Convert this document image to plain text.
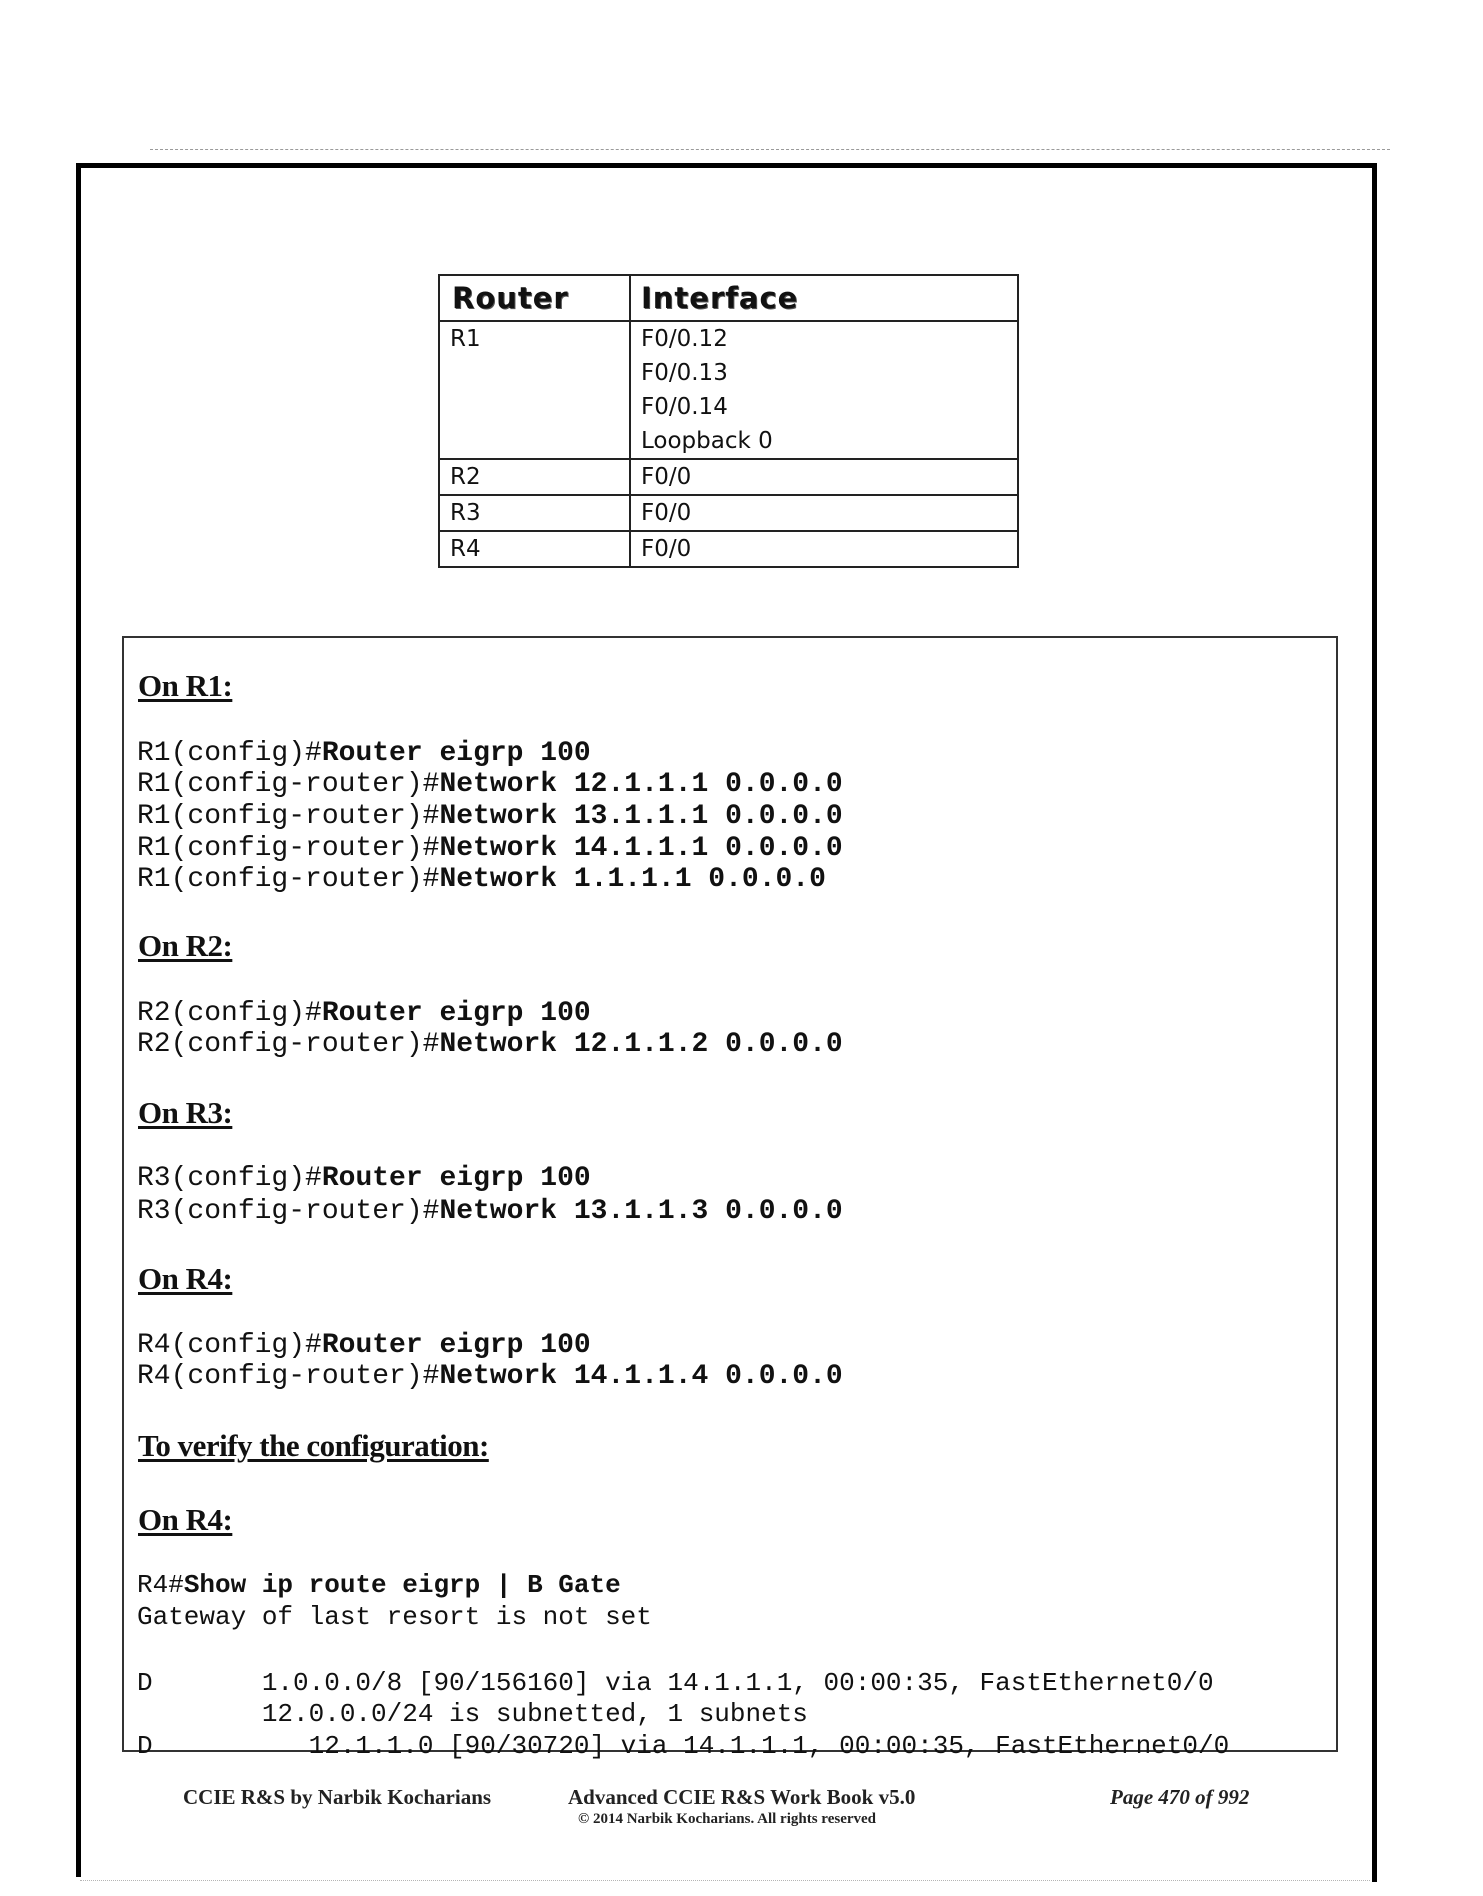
Router	Interface

R1	F0/0.12
F0/0.13
F0/0.14
Loopback 0

R2	F0/0
R3	F0/0
R4	F0/0
On R1:
R1(config)#Router eigrp 100
R1(config-router)#Network 12.1.1.1 0.0.0.0
R1(config-router)#Network 13.1.1.1 0.0.0.0
R1(config-router)#Network 14.1.1.1 0.0.0.0
R1(config-router)#Network 1.1.1.1 0.0.0.0
On R2:
R2(config)#Router eigrp 100
R2(config-router)#Network 12.1.1.2 0.0.0.0
On R3:
R3(config)#Router eigrp 100
R3(config-router)#Network 13.1.1.3 0.0.0.0
On R4:
R4(config)#Router eigrp 100
R4(config-router)#Network 14.1.1.4 0.0.0.0
To verify the configuration:
On R4:
R4#Show ip route eigrp | B Gate
Gateway of last resort is not set
D       1.0.0.0/8 [90/156160] via 14.1.1.1, 00:00:35, FastEthernet0/0
12.0.0.0/24 is subnetted, 1 subnets
D          12.1.1.0 [90/30720] via 14.1.1.1, 00:00:35, FastEthernet0/0
CCIE R&S by Narbik Kocharians	Advanced CCIE R&S Work Book v5.0
© 2014 Narbik Kocharians. All rights reserved
Page 470 of 992
